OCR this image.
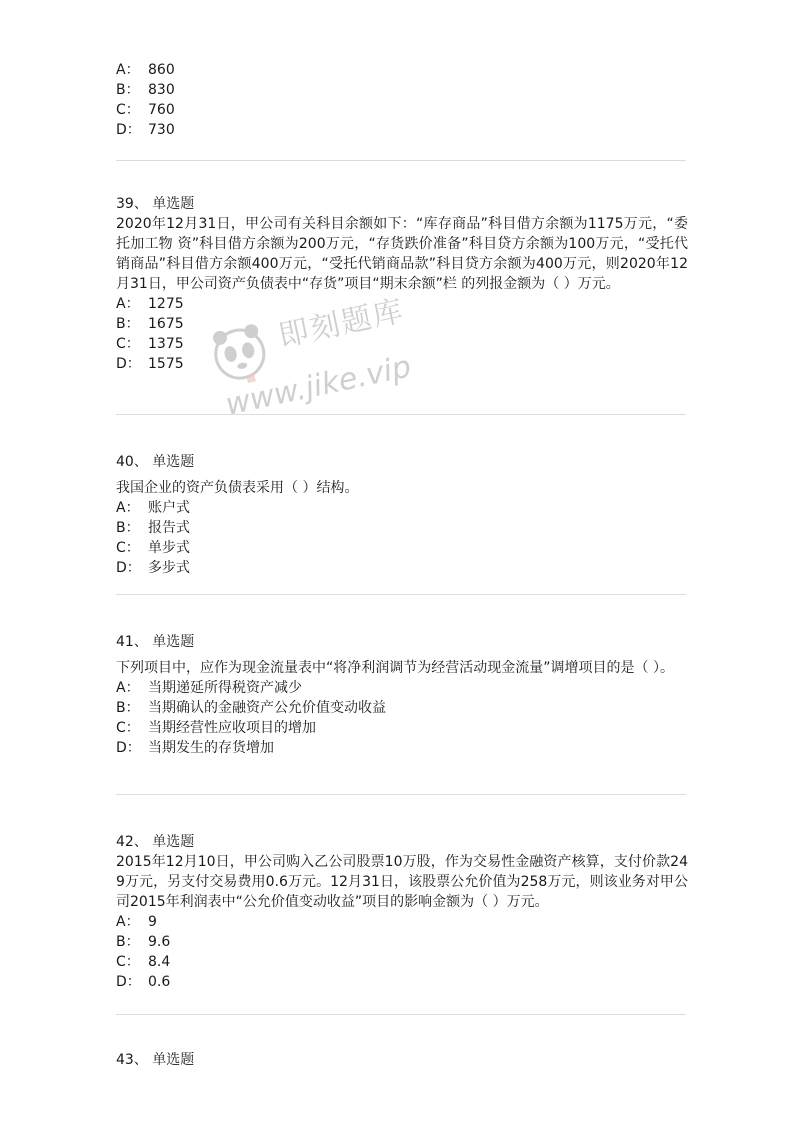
A： 860
B： 830
C： 760
D： 730
39、 单选题
2020年12月31日，甲公司有关科目余额如下：“库存商品”科目借方余额为1175万元，“委托加工物 资”科目借方余额为200万元，“存货跌价准备”科目贷方余额为100万元，“受托代销商品”科目借方余额400万元，“受托代销商品款”科目贷方余额为400万元，则2020年12月31日，甲公司资产负债表中“存货”项目“期末余额”栏 的列报金额为（ ）万元。
A： 1275
B： 1675
C： 1375
D： 1575
40、 单选题
我国企业的资产负债表采用（ ）结构。
A： 账户式
B： 报告式
C： 单步式
D： 多步式
41、 单选题
下列项目中，应作为现金流量表中“将净利润调节为经营活动现金流量”调增项目的是（ ）。
A： 当期递延所得税资产减少
B： 当期确认的金融资产公允价值变动收益
C： 当期经营性应收项目的增加
D： 当期发生的存货增加
42、 单选题
2015年12月10日，甲公司购入乙公司股票10万股，作为交易性金融资产核算，支付价款249万元，另支付交易费用0.6万元。12月31日，该股票公允价值为258万元，则该业务对甲公司2015年利润表中“公允价值变动收益”项目的影响金额为（ ）万元。
A： 9
B： 9.6
C： 8.4
D： 0.6
43、 单选题
即刻题库
www.jike.vip
